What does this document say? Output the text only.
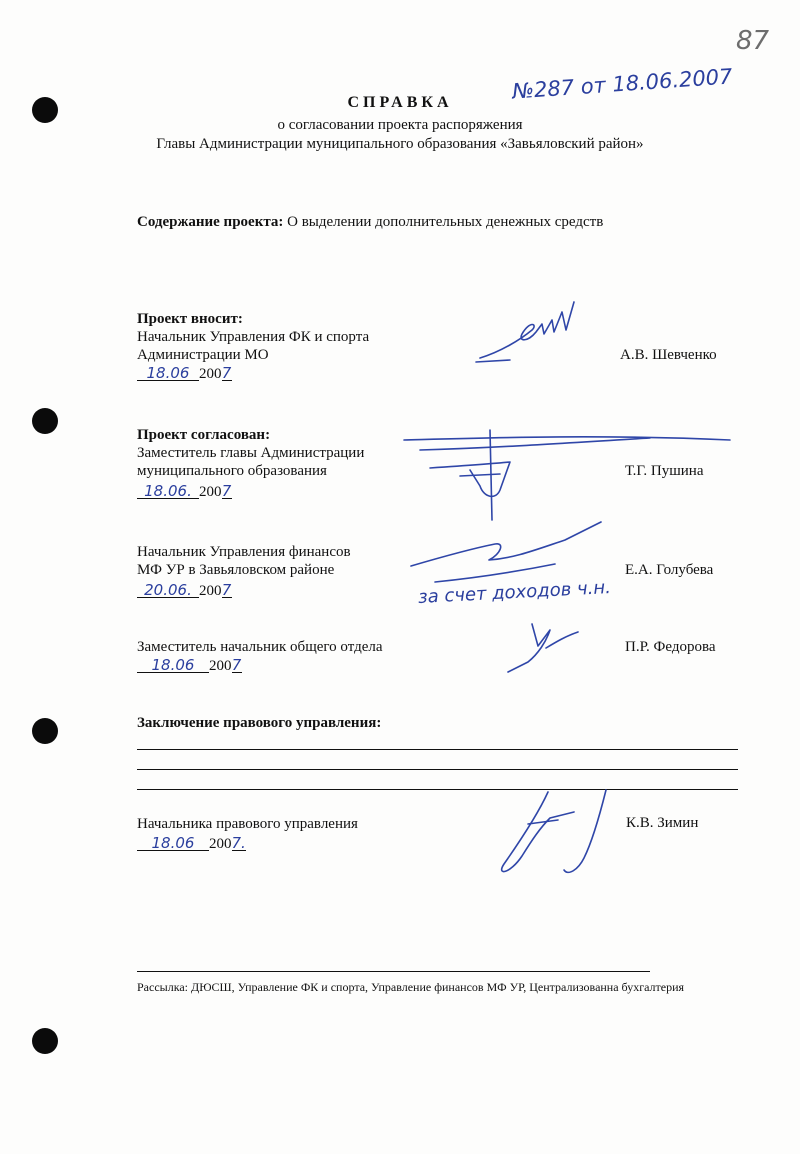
87
СПРАВКА	№287 от 18.06.2007
о согласовании проекта распоряжения
Главы Администрации муниципального образования «Завьяловский район»
Содержание проекта: О выделении дополнительных денежных средств
Проект вносит:
Начальник Управления ФК и спорта
Администрации МО
18.06 2007
А.В. Шевченко
Проект согласован:
Заместитель главы Администрации
муниципального образования
18.06. 2007
Т.Г. Пушина
Начальник Управления финансов
МФ УР в Завьяловском районе
20.06. 2007
Е.А. Голубева
за счет доходов ч.н.
Заместитель начальник общего отдела
18.06 2007
П.Р. Федорова
Заключение правового управления:
Начальника правового управления
18.06 2007.
К.В. Зимин
Рассылка: ДЮСШ, Управление ФК и спорта, Управление финансов МФ УР, Централизованна бухгалтерия
